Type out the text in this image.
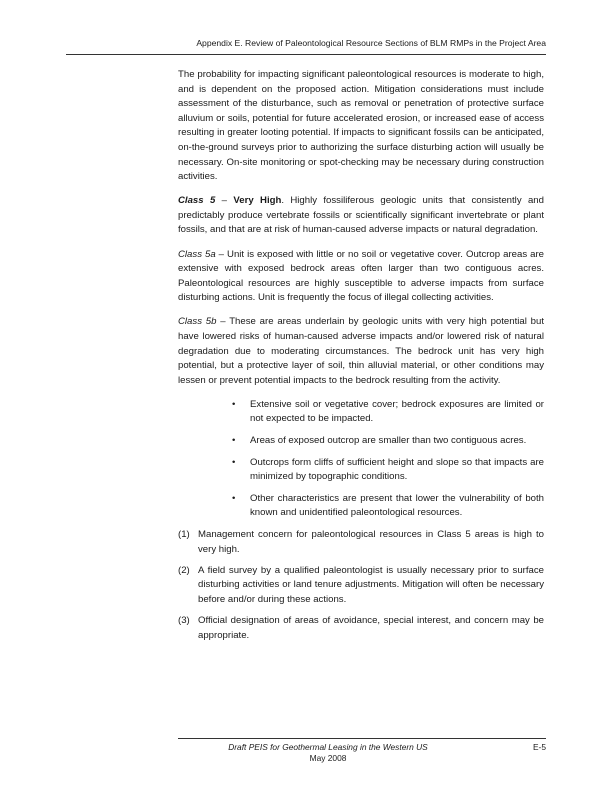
Appendix E. Review of Paleontological Resource Sections of BLM RMPs in the Project Area

The probability for impacting significant paleontological resources is moderate to high, and is dependent on the proposed action. Mitigation considerations must include assessment of the disturbance, such as removal or penetration of protective surface alluvium or soils, potential for future accelerated erosion, or increased ease of access resulting in greater looting potential. If impacts to significant fossils can be anticipated, on-the-ground surveys prior to authorizing the surface disturbing action will usually be necessary. On-site monitoring or spot-checking may be necessary during construction activities.

Class 5 – Very High. Highly fossiliferous geologic units that consistently and predictably produce vertebrate fossils or scientifically significant invertebrate or plant fossils, and that are at risk of human-caused adverse impacts or natural degradation.

Class 5a – Unit is exposed with little or no soil or vegetative cover. Outcrop areas are extensive with exposed bedrock areas often larger than two contiguous acres. Paleontological resources are highly susceptible to adverse impacts from surface disturbing actions. Unit is frequently the focus of illegal collecting activities.

Class 5b – These are areas underlain by geologic units with very high potential but have lowered risks of human-caused adverse impacts and/or lowered risk of natural degradation due to moderating circumstances. The bedrock unit has very high potential, but a protective layer of soil, thin alluvial material, or other conditions may lessen or prevent potential impacts to the bedrock resulting from the activity.

• Extensive soil or vegetative cover; bedrock exposures are limited or not expected to be impacted.
• Areas of exposed outcrop are smaller than two contiguous acres.
• Outcrops form cliffs of sufficient height and slope so that impacts are minimized by topographic conditions.
• Other characteristics are present that lower the vulnerability of both known and unidentified paleontological resources.
(1) Management concern for paleontological resources in Class 5 areas is high to very high.
(2) A field survey by a qualified paleontologist is usually necessary prior to surface disturbing activities or land tenure adjustments. Mitigation will often be necessary before and/or during these actions.
(3) Official designation of areas of avoidance, special interest, and concern may be appropriate.
Draft PEIS for Geothermal Leasing in the Western US
May 2008
E-5
